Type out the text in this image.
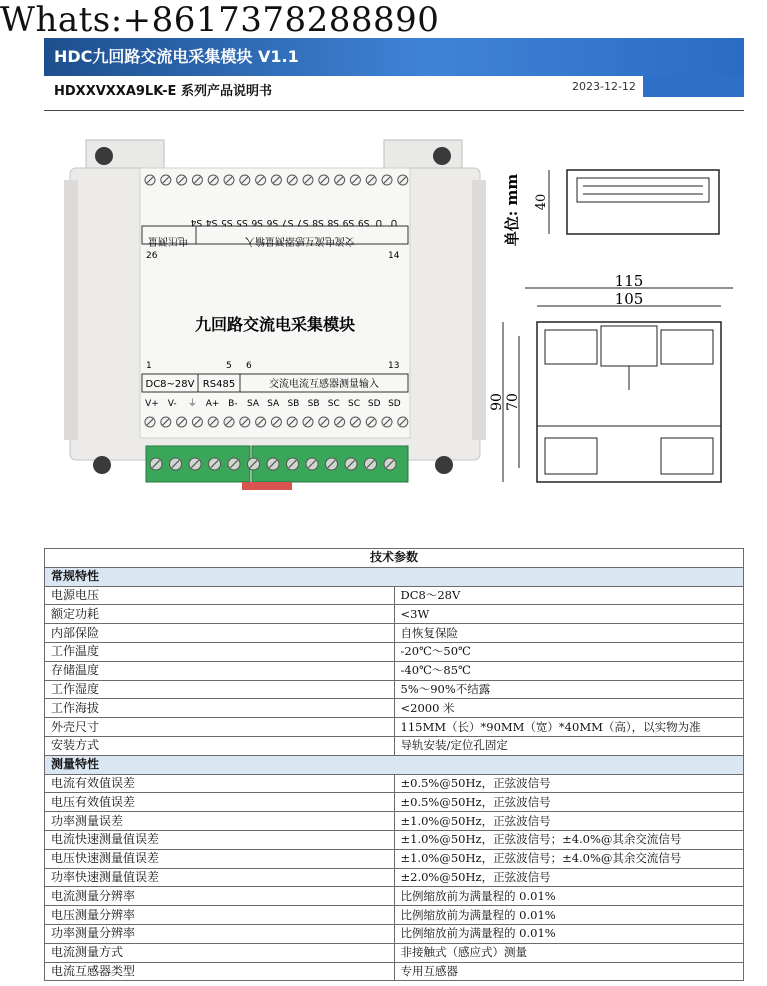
HDC九回路交流电采集模块 V1.1
Whats:+8617378288890
HDXXVXXA9LK-E 系列产品说明书	2023-12-12
U
U
S9
S9
S8
S8
S7
S7
S6
S6
S5
S5
S4
S4
26	14
交流电流互感器测量输入
电压测量
九回路交流电采集模块
1	5 6	13
DC8~28V RS485	交流电流互感器测量输入
V+ V- ⏚ A+ B- SA SA SB SB SC SC SD SD
单位: mm 40
115
105
90 70
技术参数	
常规特性	
电源电压	DC8～28V
额定功耗	<3W
内部保险	自恢复保险
工作温度	-20℃～50℃
存储温度	-40℃～85℃
工作湿度	5%～90%不结露
工作海拔	<2000 米
外壳尺寸	115MM（长）*90MM（宽）*40MM（高），以实物为准
安装方式	导轨安装/定位孔固定
测量特性	
电流有效值误差	±0.5%@50Hz，正弦波信号
电压有效值误差	±0.5%@50Hz，正弦波信号
功率测量误差	±1.0%@50Hz，正弦波信号
电流快速测量值误差	±1.0%@50Hz，正弦波信号；±4.0%@其余交流信号
电压快速测量值误差	±1.0%@50Hz，正弦波信号；±4.0%@其余交流信号
功率快速测量值误差	±2.0%@50Hz，正弦波信号
电流测量分辨率	比例缩放前为满量程的 0.01%
电压测量分辨率	比例缩放前为满量程的 0.01%
功率测量分辨率	比例缩放前为满量程的 0.01%
电流测量方式	非接触式（感应式）测量
电流互感器类型	专用互感器
